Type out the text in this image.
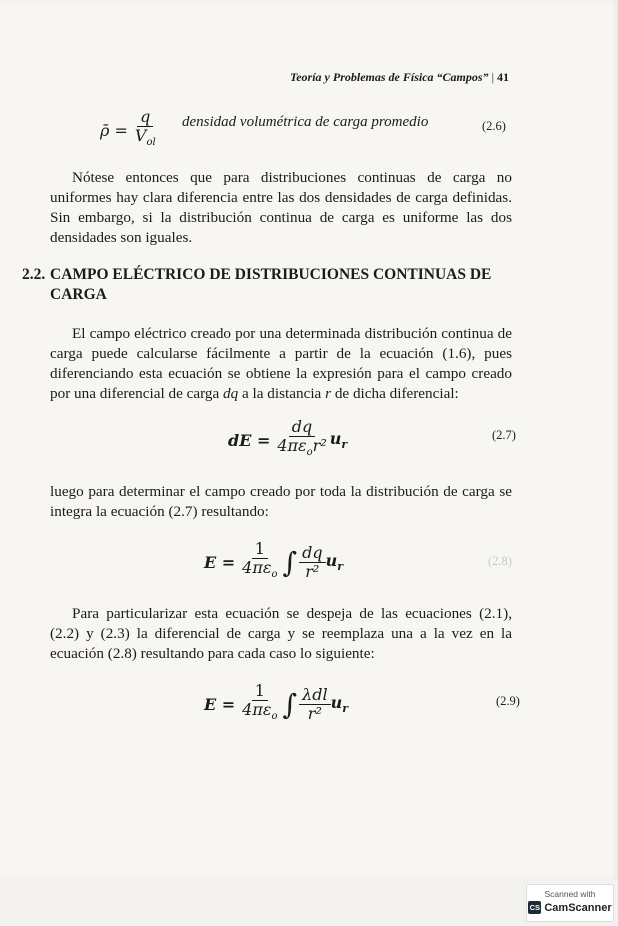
Teoría y Problemas de Física “Campos” | 41
ρ̄ = $\frac{q}{V_{ol}}$ densidad volumétrica de carga promedio	(2.6)

Nótese entonces que para distribuciones continuas de carga no uniformes hay clara diferencia entre las dos densidades de carga definidas. Sin embargo, si la distribución continua de carga es uniforme las dos densidades son iguales.

2.2. CAMPO ELÉCTRICO DE DISTRIBUCIONES CONTINUAS DE
CARGA

El campo eléctrico creado por una determinada distribución continua de carga puede calcularse fácilmente a partir de la ecuación (1.6), pues diferenciando esta ecuación se obtiene la expresión para el campo creado por una diferencial de carga dq a la distancia r de dicha diferencial:

dE = $\frac{dq}{4\pi\varepsilon_or^2} u_r$
(2.7)

luego para determinar el campo creado por toda la distribución de carga se integra la ecuación (2.7) resultando:

$E = \frac{1}{4\pi\varepsilon_o}$ ∫ $\frac{dq}{\text{r²}} u_r$	(2.8)

Para particularizar esta ecuación se despeja de las ecuaciones (2.1), (2.2) y (2.3) la diferencial de carga y se reemplaza una a la vez en la ecuación (2.8) resultando para cada caso lo siguiente:

$E = \frac{1}{4\pi\varepsilon_o}$ ∫ $\frac{\text{λdl}}{\text{r²}} u_r$
(2.9)
Scanned with
CS CamScanner
